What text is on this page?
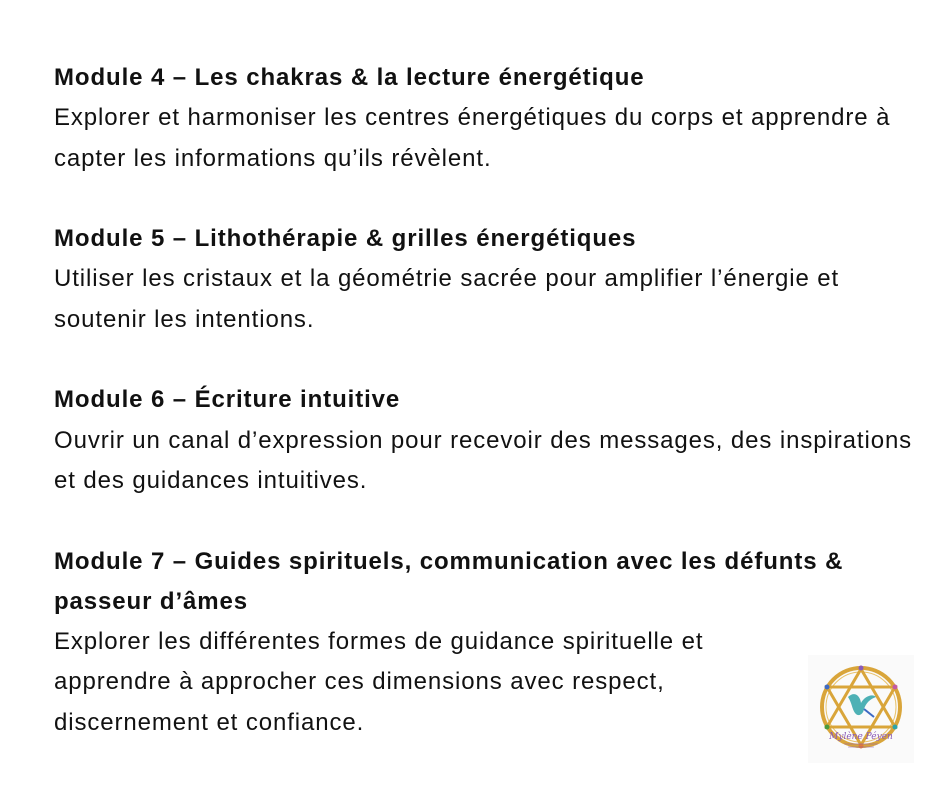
Module 4 – Les chakras & la lecture énergétique
Explorer et harmoniser les centres énergétiques du corps et apprendre à capter les informations qu’ils révèlent.
Module 5 – Lithothérapie & grilles énergétiques
Utiliser les cristaux et la géométrie sacrée pour amplifier l’énergie et soutenir les intentions.
Module 6 – Écriture intuitive
Ouvrir un canal d’expression pour recevoir des messages, des inspirations et des guidances intuitives.
Module 7 – Guides spirituels, communication avec les défunts & passeur d’âmes
Explorer les différentes formes de guidance spirituelle et apprendre à approcher ces dimensions avec respect, discernement et confiance.
Mylène Péyen
